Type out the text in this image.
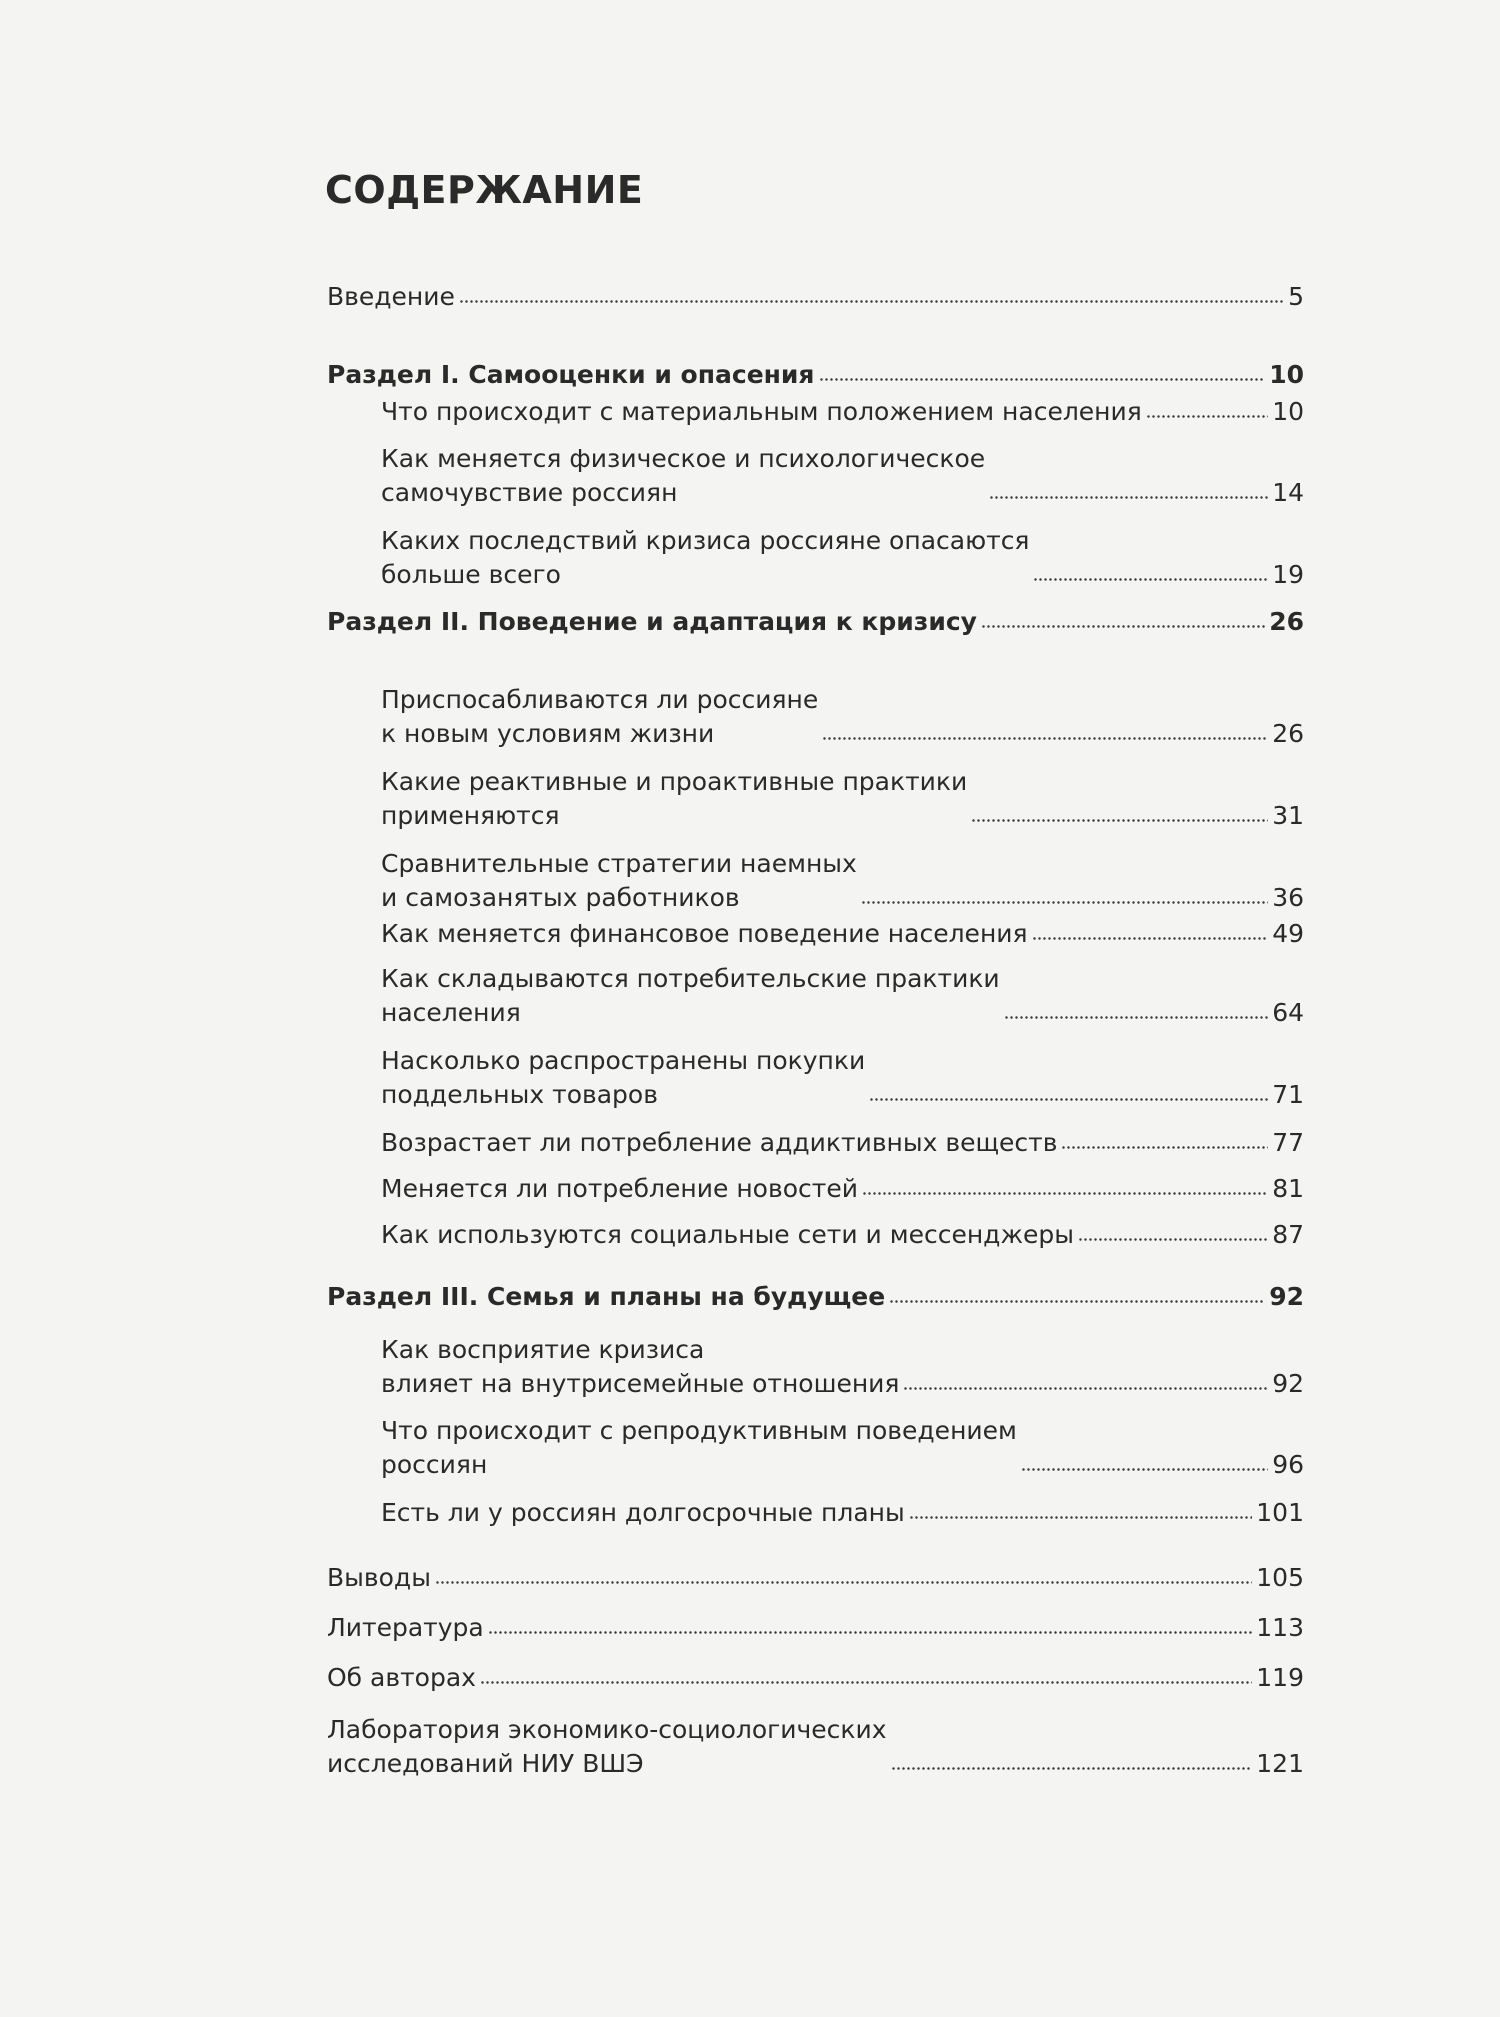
СОДЕРЖАНИЕ
Введение	5
Раздел I. Самооценки и опасения	10
Что происходит с материальным положением населения	10
Как меняется физическое и психологическое
самочувствие россиян	14
Каких последствий кризиса россияне опасаются
больше всего	19
Раздел II. Поведение и адаптация к кризису	26
Приспосабливаются ли россияне
к новым условиям жизни	26
Какие реактивные и проактивные практики
применяются	31
Сравнительные стратегии наемных
и самозанятых работников	36
Как меняется финансовое поведение населения	49
Как складываются потребительские практики
населения	64
Насколько распространены покупки
поддельных товаров	71
Возрастает ли потребление аддиктивных веществ	77
Меняется ли потребление новостей	81
Как используются социальные сети и мессенджеры	87
Раздел III. Семья и планы на будущее	92
Как восприятие кризиса
влияет на внутрисемейные отношения	92
Что происходит с репродуктивным поведением
россиян	96
Есть ли у россиян долгосрочные планы	101
Выводы	105
Литература	113
Об авторах	119
Лаборатория экономико-социологических
исследований НИУ ВШЭ	121
